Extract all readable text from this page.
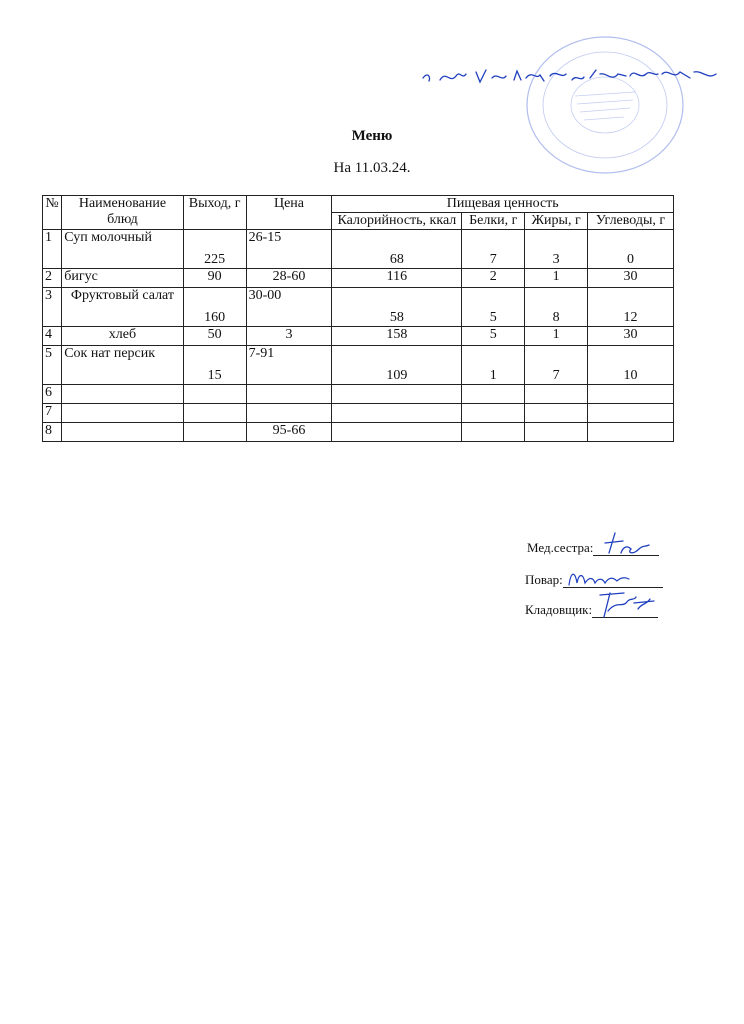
Меню
На 11.03.24.
№	Наименование блюд	Выход, г	Цена	Пищевая ценность			
				Калорийность, ккал	Белки, г	Жиры, г	Углеводы, г
1	Суп молочный	225	26-15	68	7	3	0
2	бигус	90	28-60	116	2	1	30
3	Фруктовый салат	160	30-00	58	5	8	12
4	хлеб	50	3	158	5	1	30
5	Сок нат персик	15	7-91	109	1	7	10
6							
7							
8			95-66				
Мед.сестра:
Повар:
Кладовщик:
